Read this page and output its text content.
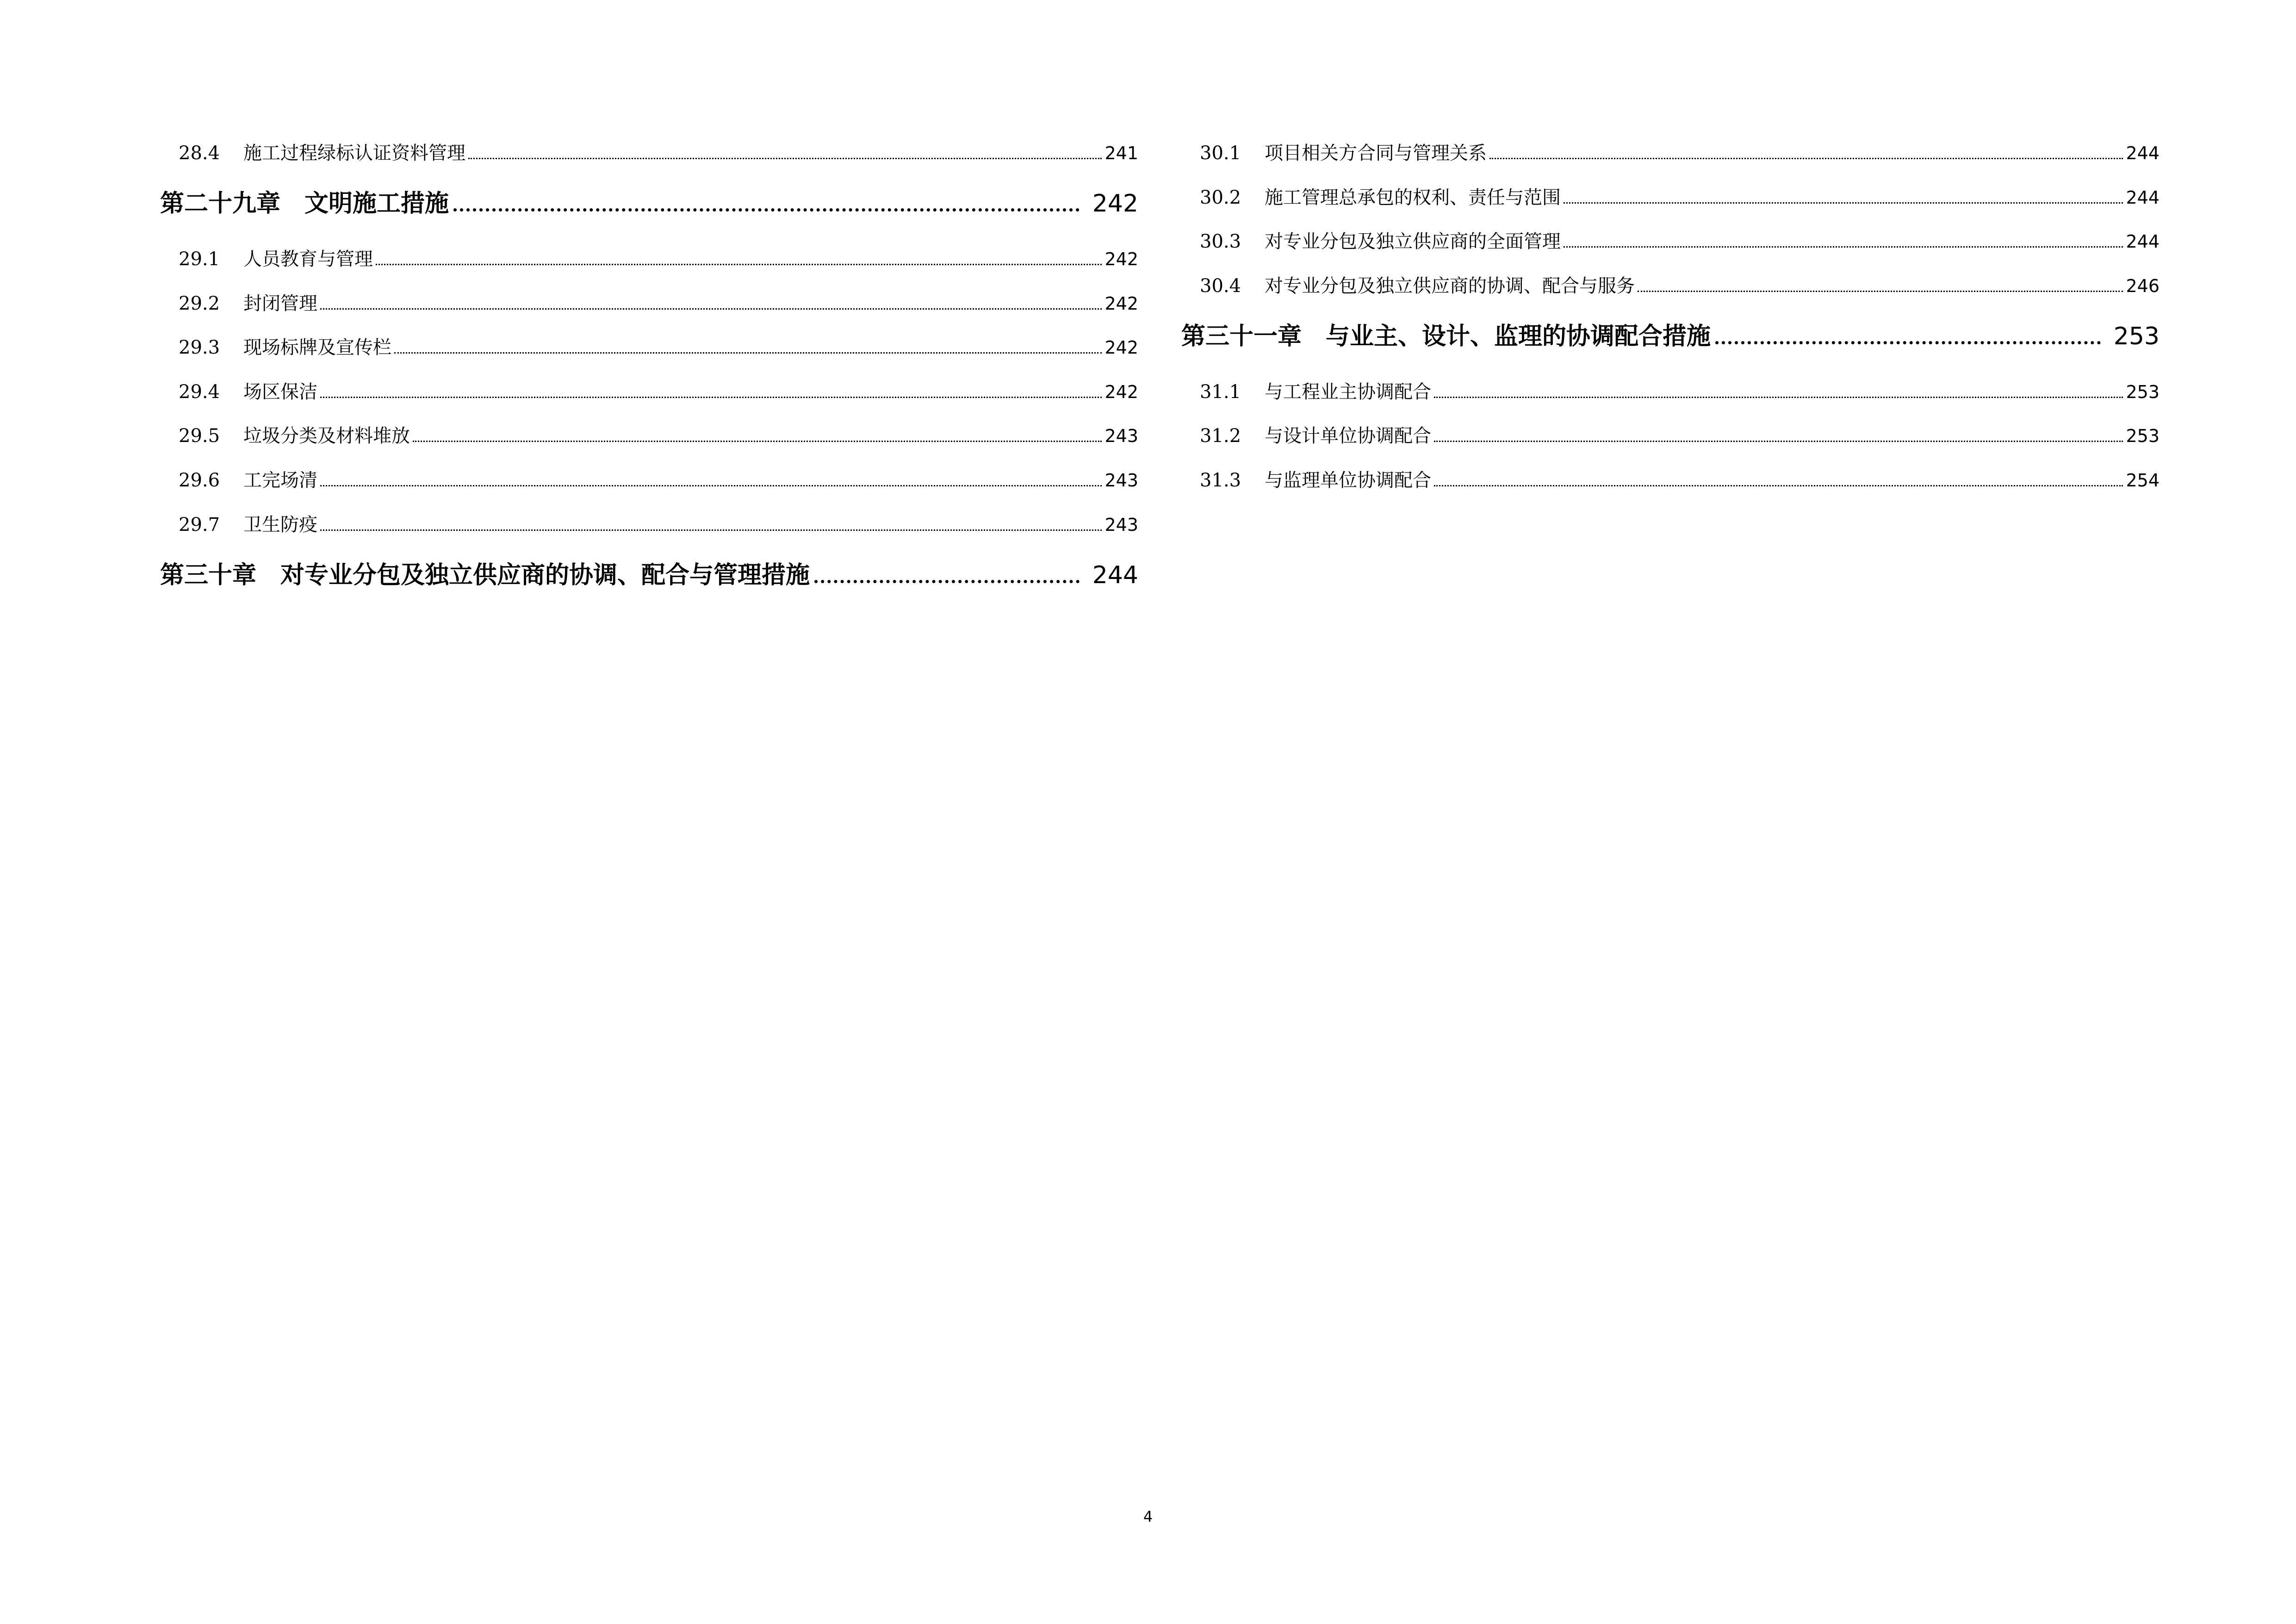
28.4	施工过程绿标认证资料管理	241
第二十九章　文明施工措施	242
29.1	人员教育与管理	242
29.2	封闭管理	242
29.3	现场标牌及宣传栏	242
29.4	场区保洁	242
29.5	垃圾分类及材料堆放	243
29.6	工完场清	243
29.7	卫生防疫	243
第三十章　对专业分包及独立供应商的协调、配合与管理措施	244
30.1	项目相关方合同与管理关系	244
30.2	施工管理总承包的权利、责任与范围	244
30.3	对专业分包及独立供应商的全面管理	244
30.4	对专业分包及独立供应商的协调、配合与服务	246
第三十一章　与业主、设计、监理的协调配合措施	253
31.1	与工程业主协调配合	253
31.2	与设计单位协调配合	253
31.3	与监理单位协调配合	254
4
